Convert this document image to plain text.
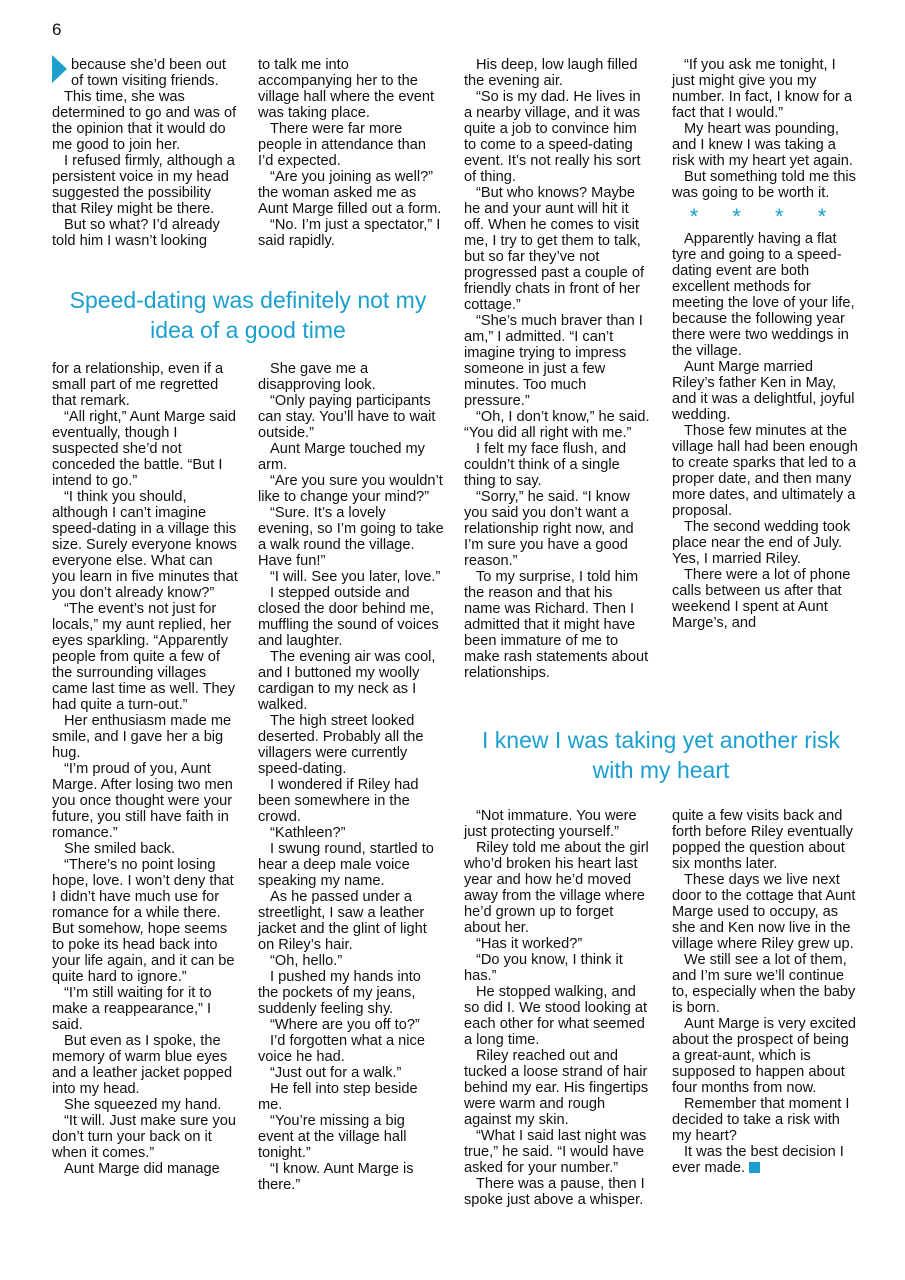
6

because she’d been out of town visiting friends.

This time, she was determined to go and was of the opinion that it would do me good to join her.

I refused firmly, although a persistent voice in my head suggested the possibility that Riley might be there.

But so what? I’d already told him I wasn’t looking

to talk me into accompanying her to the village hall where the event was taking place.

There were far more people in attendance than I’d expected.

“Are you joining as well?” the woman asked me as Aunt Marge filled out a form.

“No. I’m just a spectator,” I said rapidly.

Speed-dating was definitely not my idea of a good time

for a relationship, even if a small part of me regretted that remark.

“All right,” Aunt Marge said eventually, though I suspected she’d not conceded the battle. “But I intend to go.”

“I think you should, although I can’t imagine speed-dating in a village this size. Surely everyone knows everyone else. What can you learn in five minutes that you don’t already know?”

“The event’s not just for locals,” my aunt replied, her eyes sparkling. “Apparently people from quite a few of the surrounding villages came last time as well. They had quite a turn-out.”

Her enthusiasm made me smile, and I gave her a big hug.

“I’m proud of you, Aunt Marge. After losing two men you once thought were your future, you still have faith in romance.”

She smiled back.

“There’s no point losing hope, love. I won’t deny that I didn’t have much use for romance for a while there. But somehow, hope seems to poke its head back into your life again, and it can be quite hard to ignore.”

“I’m still waiting for it to make a reappearance,” I said.

But even as I spoke, the memory of warm blue eyes and a leather jacket popped into my head.

She squeezed my hand.

“It will. Just make sure you don’t turn your back on it when it comes.”

Aunt Marge did manage

She gave me a disapproving look.

“Only paying participants can stay. You’ll have to wait outside.”

Aunt Marge touched my arm.

“Are you sure you wouldn’t like to change your mind?”

“Sure. It’s a lovely evening, so I’m going to take a walk round the village. Have fun!”

“I will. See you later, love.”

I stepped outside and closed the door behind me, muffling the sound of voices and laughter.

The evening air was cool, and I buttoned my woolly cardigan to my neck as I walked.

The high street looked deserted. Probably all the villagers were currently speed-dating.

I wondered if Riley had been somewhere in the crowd.

“Kathleen?”

I swung round, startled to hear a deep male voice speaking my name.

As he passed under a streetlight, I saw a leather jacket and the glint of light on Riley’s hair.

“Oh, hello.”

I pushed my hands into the pockets of my jeans, suddenly feeling shy.

“Where are you off to?”

I’d forgotten what a nice voice he had.

“Just out for a walk.”

He fell into step beside me.

“You’re missing a big event at the village hall tonight.”

“I know. Aunt Marge is there.”

His deep, low laugh filled the evening air.

“So is my dad. He lives in a nearby village, and it was quite a job to convince him to come to a speed-dating event. It’s not really his sort of thing.

“But who knows? Maybe he and your aunt will hit it off. When he comes to visit me, I try to get them to talk, but so far they’ve not progressed past a couple of friendly chats in front of her cottage.”

“She’s much braver than I am,” I admitted. “I can’t imagine trying to impress someone in just a few minutes. Too much pressure.”

“Oh, I don’t know,” he said. “You did all right with me.”

I felt my face flush, and couldn’t think of a single thing to say.

“Sorry,” he said. “I know you said you don’t want a relationship right now, and I’m sure you have a good reason.”

To my surprise, I told him the reason and that his name was Richard. Then I admitted that it might have been immature of me to make rash statements about relationships.

“If you ask me tonight, I just might give you my number. In fact, I know for a fact that I would.”

My heart was pounding, and I knew I was taking a risk with my heart yet again.

But something told me this was going to be worth it.

* * * *

Apparently having a flat tyre and going to a speed-dating event are both excellent methods for meeting the love of your life, because the following year there were two weddings in the village.

Aunt Marge married Riley’s father Ken in May, and it was a delightful, joyful wedding.

Those few minutes at the village hall had been enough to create sparks that led to a proper date, and then many more dates, and ultimately a proposal.

The second wedding took place near the end of July. Yes, I married Riley.

There were a lot of phone calls between us after that weekend I spent at Aunt Marge’s, and

I knew I was taking yet another risk with my heart

“Not immature. You were just protecting yourself.”

Riley told me about the girl who’d broken his heart last year and how he’d moved away from the village where he’d grown up to forget about her.

“Has it worked?”

“Do you know, I think it has.”

He stopped walking, and so did I. We stood looking at each other for what seemed a long time.

Riley reached out and tucked a loose strand of hair behind my ear. His fingertips were warm and rough against my skin.

“What I said last night was true,” he said. “I would have asked for your number.”

There was a pause, then I spoke just above a whisper.

quite a few visits back and forth before Riley eventually popped the question about six months later.

These days we live next door to the cottage that Aunt Marge used to occupy, as she and Ken now live in the village where Riley grew up.

We still see a lot of them, and I’m sure we’ll continue to, especially when the baby is born.

Aunt Marge is very excited about the prospect of being a great-aunt, which is supposed to happen about four months from now.

Remember that moment I decided to take a risk with my heart?

It was the best decision I ever made.
